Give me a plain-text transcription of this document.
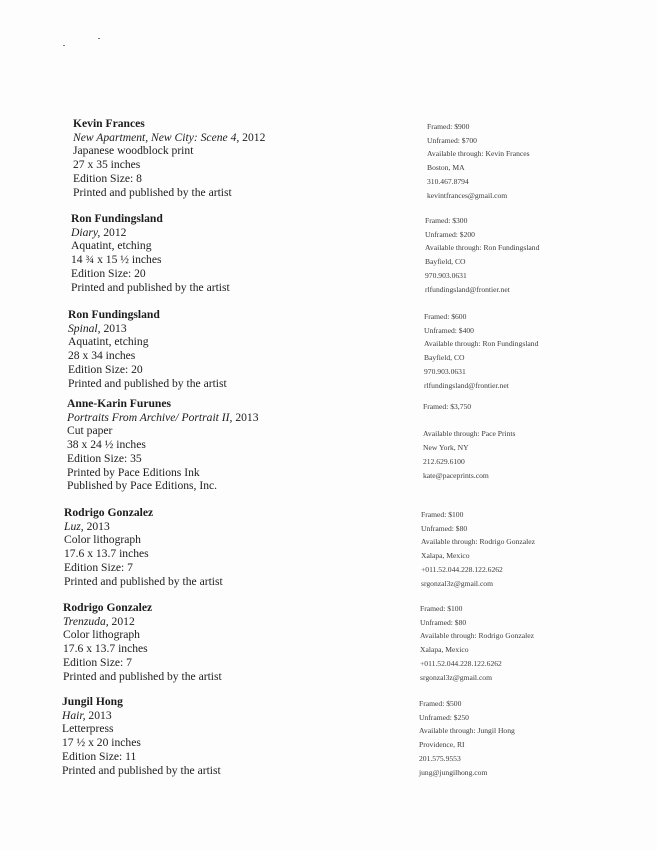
Kevin Frances
New Apartment, New City: Scene 4, 2012
Japanese woodblock print
27 x 35 inches
Edition Size: 8
Printed and published by the artist
Framed: $900
Unframed: $700
Available through: Kevin Frances
Boston, MA
310.467.8794
kevintfrances@gmail.com
Ron Fundingsland
Diary, 2012
Aquatint, etching
14 ¾ x 15 ½ inches
Edition Size: 20
Printed and published by the artist
Framed: $300
Unframed: $200
Available through: Ron Fundingsland
Bayfield, CO
970.903.0631
rlfundingsland@frontier.net
Ron Fundingsland
Spinal, 2013
Aquatint, etching
28 x 34 inches
Edition Size: 20
Printed and published by the artist
Framed: $600
Unframed: $400
Available through: Ron Fundingsland
Bayfield, CO
970.903.0631
rlfundingsland@frontier.net
Anne-Karin Furunes
Portraits From Archive/ Portrait II, 2013
Cut paper
38 x 24 ½ inches
Edition Size: 35
Printed by Pace Editions Ink
Published by Pace Editions, Inc.
Framed: $3,750
Available through: Pace Prints
New York, NY
212.629.6100
kate@paceprints.com
Rodrigo Gonzalez
Luz, 2013
Color lithograph
17.6 x 13.7 inches
Edition Size: 7
Printed and published by the artist
Framed: $100
Unframed: $80
Available through: Rodrigo Gonzalez
Xalapa, Mexico
+011.52.044.228.122.6262
srgonzal3z@gmail.com
Rodrigo Gonzalez
Trenzuda, 2012
Color lithograph
17.6 x 13.7 inches
Edition Size: 7
Printed and published by the artist
Framed: $100
Unframed: $80
Available through: Rodrigo Gonzalez
Xalapa, Mexico
+011.52.044.228.122.6262
srgonzal3z@gmail.com
Jungil Hong
Hair, 2013
Letterpress
17 ½ x 20 inches
Edition Size: 11
Printed and published by the artist
Framed: $500
Unframed: $250
Available through: Jungil Hong
Providence, RI
201.575.9553
jung@jungilhong.com
